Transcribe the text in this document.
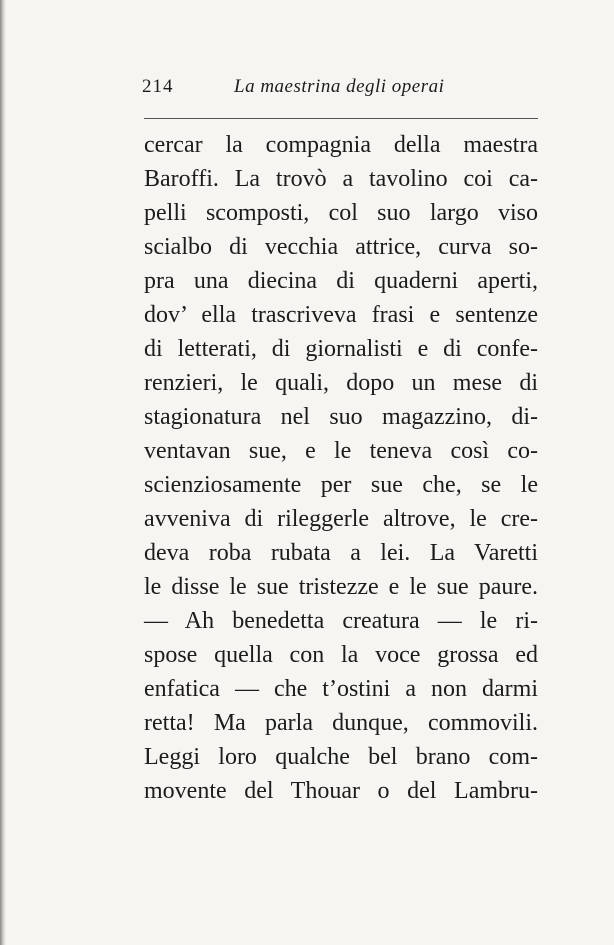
214	La maestrina degli operai
cercar la compagnia della maestra
Baroffi. La trovò a tavolino coi ca-
pelli scomposti, col suo largo viso
scialbo di vecchia attrice, curva so-
pra una diecina di quaderni aperti,
dov’ ella trascriveva frasi e sentenze
di letterati, di giornalisti e di confe-
renzieri, le quali, dopo un mese di
stagionatura nel suo magazzino, di-
ventavan sue, e le teneva così co-
scienziosamente per sue che, se le
avveniva di rileggerle altrove, le cre-
deva roba rubata a lei. La Varetti
le disse le sue tristezze e le sue paure.
— Ah benedetta creatura — le ri-
spose quella con la voce grossa ed
enfatica — che t’ostini a non darmi
retta! Ma parla dunque, commovili.
Leggi loro qualche bel brano com-
movente del Thouar o del Lambru-
